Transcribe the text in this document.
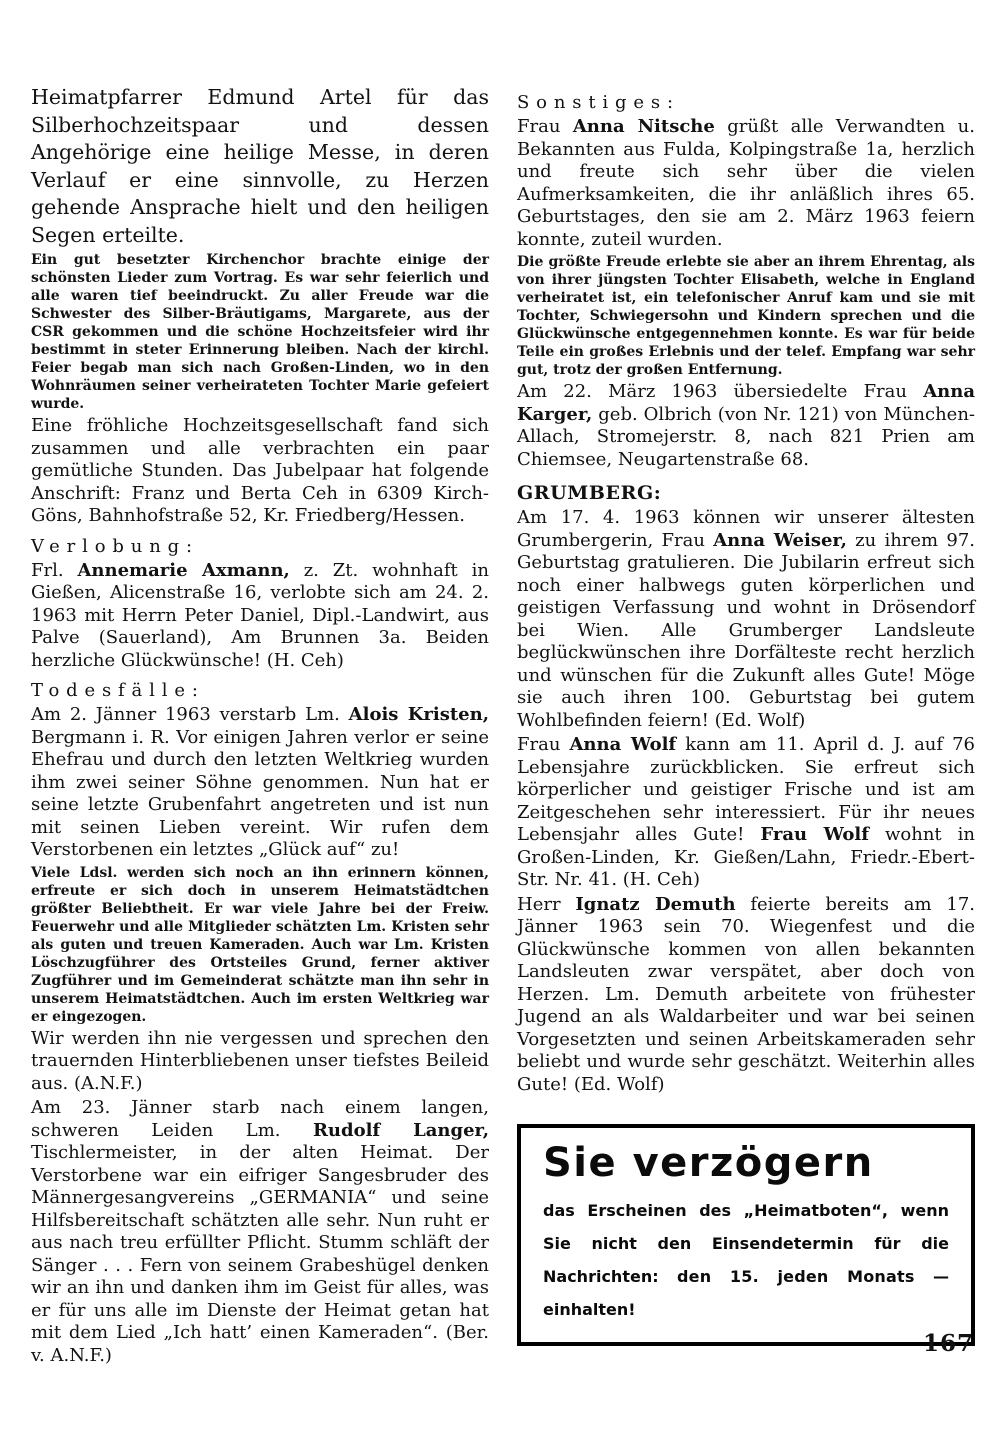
Heimatpfarrer Edmund Artel für das Silberhochzeitspaar und dessen Angehörige eine heilige Messe, in deren Verlauf er eine sinnvolle, zu Herzen gehende Ansprache hielt und den heiligen Segen erteilte.

Ein gut besetzter Kirchenchor brachte einige der schönsten Lieder zum Vortrag. Es war sehr feierlich und alle waren tief beeindruckt. Zu aller Freude war die Schwester des Silber-Bräutigams, Margarete, aus der CSR gekommen und die schöne Hochzeitsfeier wird ihr bestimmt in steter Erinnerung bleiben. Nach der kirchl. Feier begab man sich nach Großen-Linden, wo in den Wohnräumen seiner verheirateten Tochter Marie gefeiert wurde.

Eine fröhliche Hochzeitsgesellschaft fand sich zusammen und alle verbrachten ein paar gemütliche Stunden. Das Jubelpaar hat folgende Anschrift: Franz und Berta Ceh in 6309 Kirch-Göns, Bahnhofstraße 52, Kr. Friedberg/Hessen.

Verlobung:

Frl. Annemarie Axmann, z. Zt. wohnhaft in Gießen, Alicenstraße 16, verlobte sich am 24. 2. 1963 mit Herrn Peter Daniel, Dipl.-Landwirt, aus Palve (Sauerland), Am Brunnen 3a. Beiden herzliche Glückwünsche! (H. Ceh)

Todesfälle:

Am 2. Jänner 1963 verstarb Lm. Alois Kristen, Bergmann i. R. Vor einigen Jahren verlor er seine Ehefrau und durch den letzten Weltkrieg wurden ihm zwei seiner Söhne genommen. Nun hat er seine letzte Grubenfahrt angetreten und ist nun mit seinen Lieben vereint. Wir rufen dem Verstorbenen ein letztes „Glück auf“ zu!

Viele Ldsl. werden sich noch an ihn erinnern können, erfreute er sich doch in unserem Heimatstädtchen größter Beliebtheit. Er war viele Jahre bei der Freiw. Feuerwehr und alle Mitglieder schätzten Lm. Kristen sehr als guten und treuen Kameraden. Auch war Lm. Kristen Löschzugführer des Ortsteiles Grund, ferner aktiver Zugführer und im Gemeinderat schätzte man ihn sehr in unserem Heimatstädtchen. Auch im ersten Weltkrieg war er eingezogen.

Wir werden ihn nie vergessen und sprechen den trauernden Hinterbliebenen unser tiefstes Beileid aus. (A.N.F.)

Am 23. Jänner starb nach einem langen, schweren Leiden Lm. Rudolf Langer, Tischlermeister, in der alten Heimat. Der Verstorbene war ein eifriger Sangesbruder des Männergesangvereins „GERMANIA“ und seine Hilfsbereitschaft schätzten alle sehr. Nun ruht er aus nach treu erfüllter Pflicht. Stumm schläft der Sänger . . . Fern von seinem Grabeshügel denken wir an ihn und danken ihm im Geist für alles, was er für uns alle im Dienste der Heimat getan hat mit dem Lied „Ich hatt’ einen Kameraden“. (Ber. v. A.N.F.)

Sonstiges:

Frau Anna Nitsche grüßt alle Verwandten u. Bekannten aus Fulda, Kolpingstraße 1a, herzlich und freute sich sehr über die vielen Aufmerksamkeiten, die ihr anläßlich ihres 65. Geburtstages, den sie am 2. März 1963 feiern konnte, zuteil wurden.

Die größte Freude erlebte sie aber an ihrem Ehrentag, als von ihrer jüngsten Tochter Elisabeth, welche in England verheiratet ist, ein telefonischer Anruf kam und sie mit Tochter, Schwiegersohn und Kindern sprechen und die Glückwünsche entgegennehmen konnte. Es war für beide Teile ein großes Erlebnis und der telef. Empfang war sehr gut, trotz der großen Entfernung.

Am 22. März 1963 übersiedelte Frau Anna Karger, geb. Olbrich (von Nr. 121) von München-Allach, Stromejerstr. 8, nach 821 Prien am Chiemsee, Neugartenstraße 68.

GRUMBERG:

Am 17. 4. 1963 können wir unserer ältesten Grumbergerin, Frau Anna Weiser, zu ihrem 97. Geburtstag gratulieren. Die Jubilarin erfreut sich noch einer halbwegs guten körperlichen und geistigen Verfassung und wohnt in Drösendorf bei Wien. Alle Grumberger Landsleute beglückwünschen ihre Dorfälteste recht herzlich und wünschen für die Zukunft alles Gute! Möge sie auch ihren 100. Geburtstag bei gutem Wohlbefinden feiern! (Ed. Wolf)

Frau Anna Wolf kann am 11. April d. J. auf 76 Lebensjahre zurückblicken. Sie erfreut sich körperlicher und geistiger Frische und ist am Zeitgeschehen sehr interessiert. Für ihr neues Lebensjahr alles Gute! Frau Wolf wohnt in Großen-Linden, Kr. Gießen/Lahn, Friedr.-Ebert-Str. Nr. 41. (H. Ceh)

Herr Ignatz Demuth feierte bereits am 17. Jänner 1963 sein 70. Wiegenfest und die Glückwünsche kommen von allen bekannten Landsleuten zwar verspätet, aber doch von Herzen. Lm. Demuth arbeitete von frühester Jugend an als Waldarbeiter und war bei seinen Vorgesetzten und seinen Arbeitskameraden sehr beliebt und wurde sehr geschätzt. Weiterhin alles Gute! (Ed. Wolf)

Sie verzögern

das Erscheinen des „Heimatboten“, wenn Sie nicht den Einsendetermin für die Nachrichten: den 15. jeden Monats — einhalten!

167
